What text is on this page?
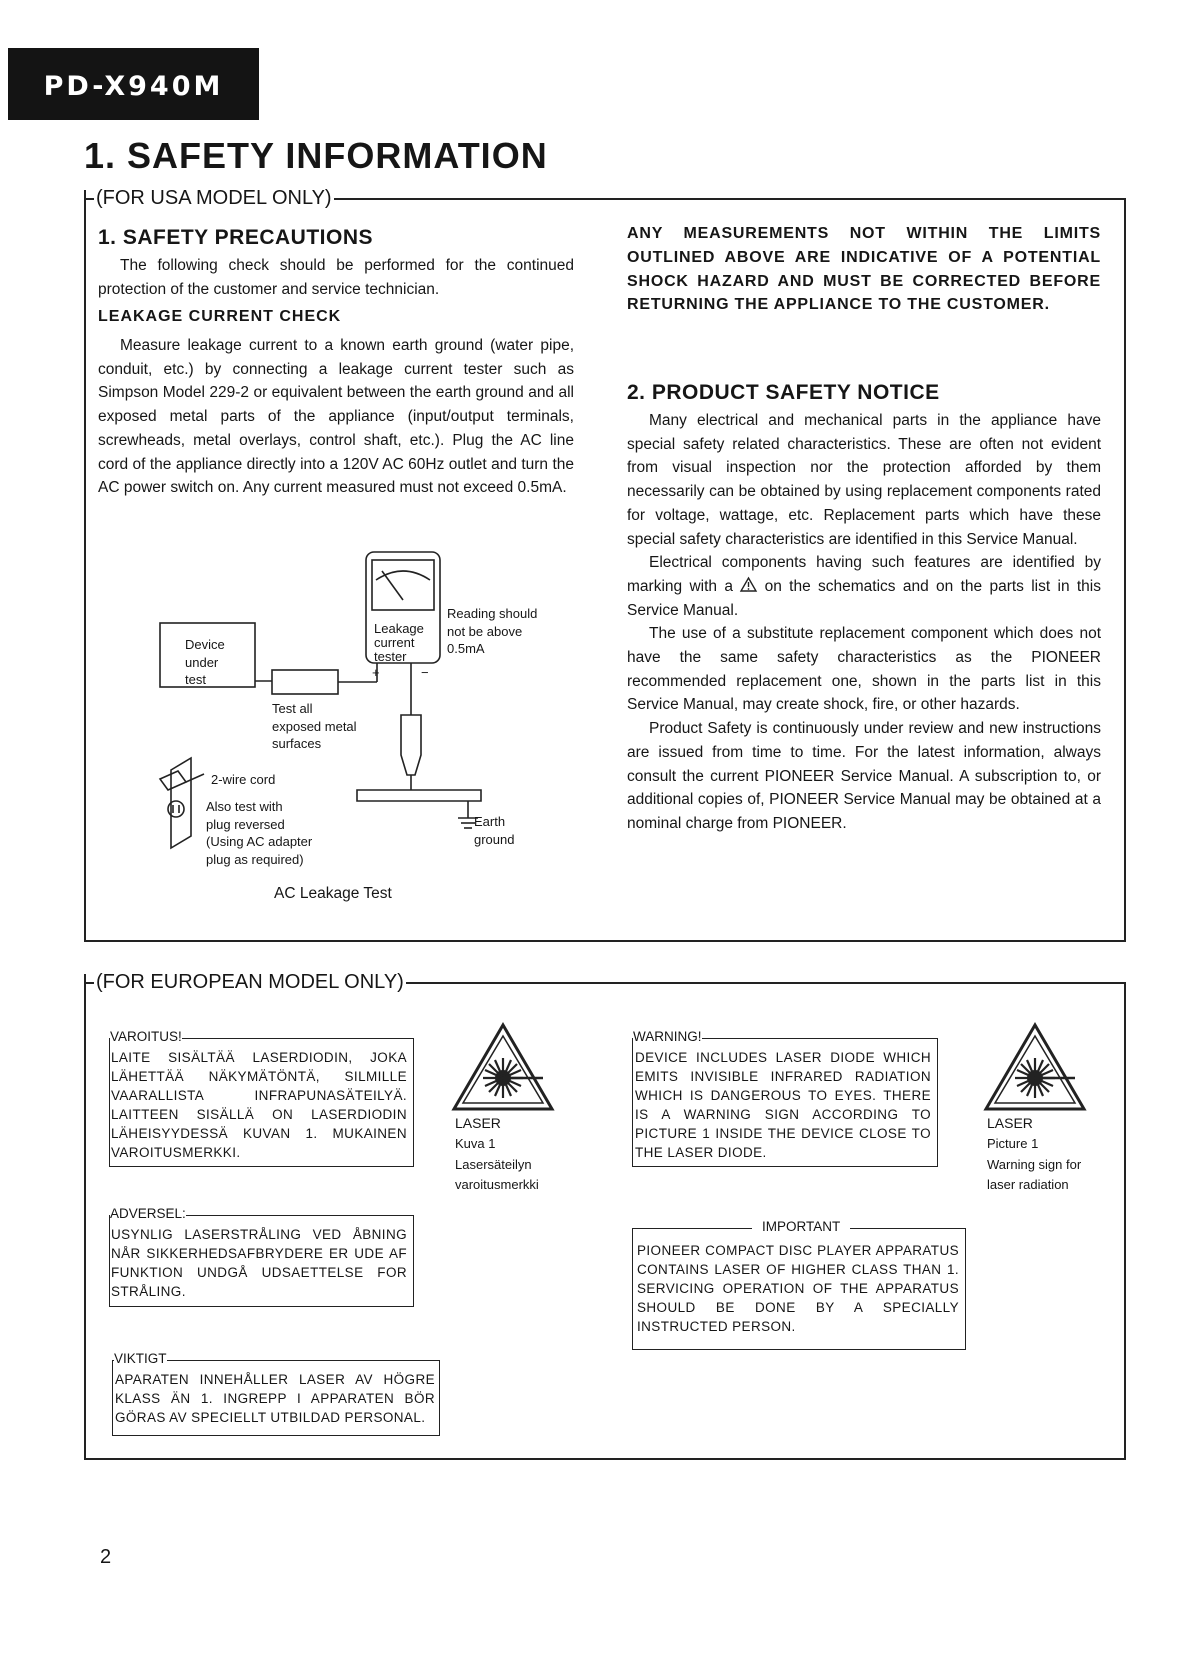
PD-X940M
1. SAFETY INFORMATION
(FOR USA MODEL ONLY)
1. SAFETY PRECAUTIONS

The following check should be performed for the continued protection of the customer and service technician.

LEAKAGE CURRENT CHECK

Measure leakage current to a known earth ground (water pipe, conduit, etc.) by connecting a leakage current tester such as Simpson Model 229-2 or equivalent between the earth ground and all exposed metal parts of the appliance (input/output terminals, screwheads, metal overlays, control shaft, etc.). Plug the AC line cord of the appliance directly into a 120V AC 60Hz outlet and turn the AC power switch on. Any current measured must not exceed 0.5mA.

Device
under
test
Leakage
current
tester
Reading should
not be above
0.5mA
+	−
Test all
exposed metal
surfaces
2-wire cord
Also test with
plug reversed
(Using AC adapter
plug as required)
Earth
ground
AC Leakage Test
ANY MEASUREMENTS NOT WITHIN THE LIMITS OUTLINED ABOVE ARE INDICATIVE OF A POTENTIAL SHOCK HAZARD AND MUST BE CORRECTED BEFORE RETURNING THE APPLIANCE TO THE CUSTOMER.
2. PRODUCT SAFETY NOTICE

Many electrical and mechanical parts in the appliance have special safety related characteristics. These are often not evident from visual inspection nor the protection afforded by them necessarily can be obtained by using replacement components rated for voltage, wattage, etc. Replacement parts which have these special safety characteristics are identified in this Service Manual.

Electrical components having such features are identified by marking with a on the schematics and on the parts list in this Service Manual.

The use of a substitute replacement component which does not have the same safety characteristics as the PIONEER recommended replacement one, shown in the parts list in this Service Manual, may create shock, fire, or other hazards.

Product Safety is continuously under review and new instructions are issued from time to time. For the latest information, always consult the current PIONEER Service Manual. A subscription to, or additional copies of, PIONEER Service Manual may be obtained at a nominal charge from PIONEER.

(FOR EUROPEAN MODEL ONLY)
VAROITUS!
LAITE SISÄLTÄÄ LASERDIODIN, JOKA LÄHETTÄÄ NÄKYMÄTÖNTÄ, SILMILLE VAARALLISTA INFRAPUNASÄTEILYÄ. LAITTEEN SISÄLLÄ ON LASERDIODIN LÄHEISYYDESSÄ KUVAN 1. MUKAINEN VAROITUSMERKKI.
ADVERSEL:
USYNLIG LASERSTRÅLING VED ÅBNING NÅR SIKKERHEDSAFBRYDERE ER UDE AF FUNKTION UNDGÅ UDSAETTELSE FOR STRÅLING.
VIKTIGT
APARATEN INNEHÅLLER LASER AV HÖGRE KLASS ÄN 1. INGREPP I APPARATEN BÖR GÖRAS AV SPECIELLT UTBILDAD PERSONAL.
LASER
Kuva 1
Lasersäteilyn
varoitusmerkki
WARNING!
DEVICE INCLUDES LASER DIODE WHICH EMITS INVISIBLE INFRARED RADIATION WHICH IS DANGEROUS TO EYES. THERE IS A WARNING SIGN ACCORDING TO PICTURE 1 INSIDE THE DEVICE CLOSE TO THE LASER DIODE.
IMPORTANT
PIONEER COMPACT DISC PLAYER APPARATUS CONTAINS LASER OF HIGHER CLASS THAN 1. SERVICING OPERATION OF THE APPARATUS SHOULD BE DONE BY A SPECIALLY INSTRUCTED PERSON.
LASER
Picture 1
Warning sign for
laser radiation
2
